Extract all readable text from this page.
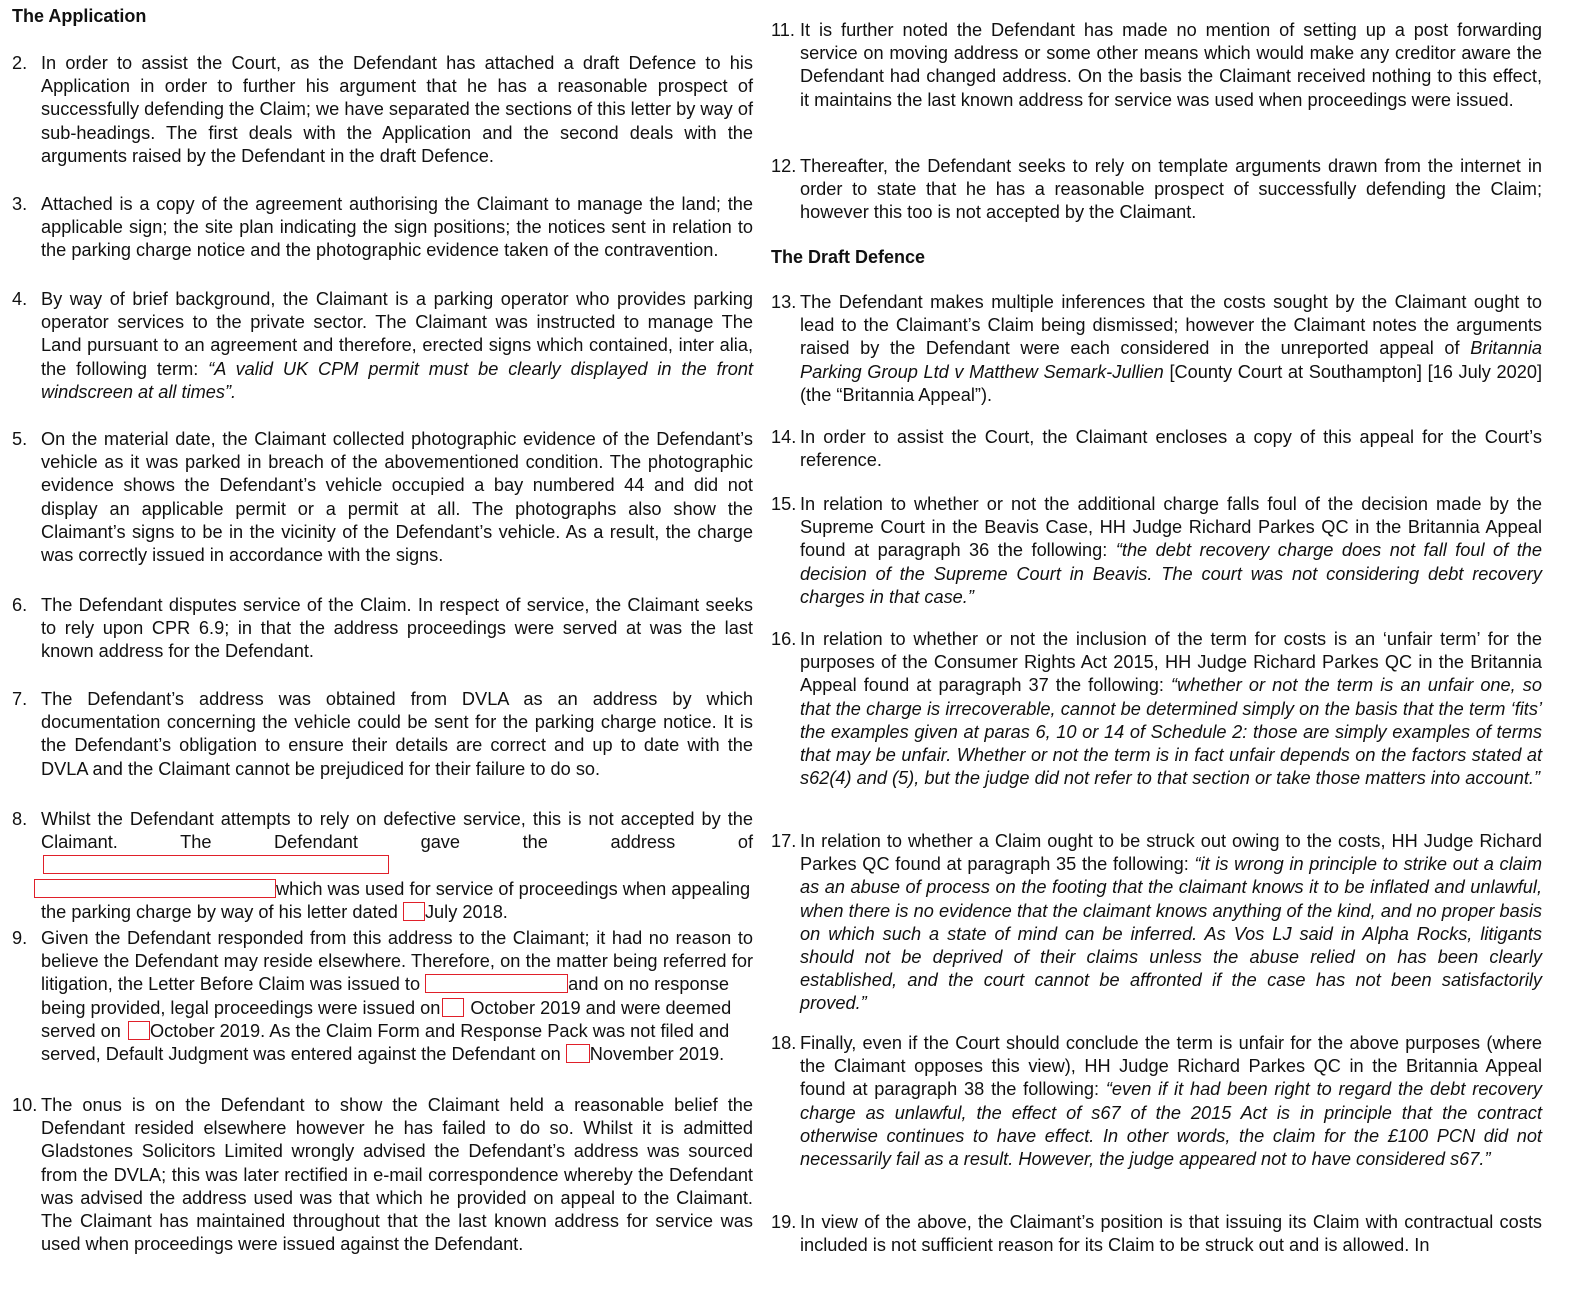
The Application
2. In order to assist the Court, as the Defendant has attached a draft Defence to his Application in order to further his argument that he has a reasonable prospect of successfully defending the Claim; we have separated the sections of this letter by way of sub-headings. The first deals with the Application and the second deals with the arguments raised by the Defendant in the draft Defence.
3. Attached is a copy of the agreement authorising the Claimant to manage the land; the applicable sign; the site plan indicating the sign positions; the notices sent in relation to the parking charge notice and the photographic evidence taken of the contravention.
4. By way of brief background, the Claimant is a parking operator who provides parking operator services to the private sector. The Claimant was instructed to manage The Land pursuant to an agreement and therefore, erected signs which contained, inter alia, the following term: “A valid UK CPM permit must be clearly displayed in the front windscreen at all times”.
5. On the material date, the Claimant collected photographic evidence of the Defendant’s vehicle as it was parked in breach of the abovementioned condition. The photographic evidence shows the Defendant’s vehicle occupied a bay numbered 44 and did not display an applicable permit or a permit at all. The photographs also show the Claimant’s signs to be in the vicinity of the Defendant’s vehicle. As a result, the charge was correctly issued in accordance with the signs.
6. The Defendant disputes service of the Claim. In respect of service, the Claimant seeks to rely upon CPR 6.9; in that the address proceedings were served at was the last known address for the Defendant.
7. The Defendant’s address was obtained from DVLA as an address by which documentation concerning the vehicle could be sent for the parking charge notice. It is the Defendant’s obligation to ensure their details are correct and up to date with the DVLA and the Claimant cannot be prejudiced for their failure to do so.
8. Whilst the Defendant attempts to rely on defective service, this is not accepted by the Claimant. The Defendant gave the address of
which was used for service of proceedings when appealing
the parking charge by way of his letter dated July 2018.
9. Given the Defendant responded from this address to the Claimant; it had no reason to believe the Defendant may reside elsewhere. Therefore, on the matter being referred for litigation, the Letter Before Claim was issued to	and on no response
being provided, legal proceedings were issued on October 2019 and were deemed
served on October 2019. As the Claim Form and Response Pack was not filed and
served, Default Judgment was entered against the Defendant on November 2019.
10. The onus is on the Defendant to show the Claimant held a reasonable belief the Defendant resided elsewhere however he has failed to do so. Whilst it is admitted Gladstones Solicitors Limited wrongly advised the Defendant’s address was sourced from the DVLA; this was later rectified in e-mail correspondence whereby the Defendant was advised the address used was that which he provided on appeal to the Claimant. The Claimant has maintained throughout that the last known address for service was used when proceedings were issued against the Defendant.
11. It is further noted the Defendant has made no mention of setting up a post forwarding service on moving address or some other means which would make any creditor aware the Defendant had changed address. On the basis the Claimant received nothing to this effect, it maintains the last known address for service was used when proceedings were issued.
12. Thereafter, the Defendant seeks to rely on template arguments drawn from the internet in order to state that he has a reasonable prospect of successfully defending the Claim; however this too is not accepted by the Claimant.
The Draft Defence
13. The Defendant makes multiple inferences that the costs sought by the Claimant ought to lead to the Claimant’s Claim being dismissed; however the Claimant notes the arguments raised by the Defendant were each considered in the unreported appeal of Britannia Parking Group Ltd v Matthew Semark-Jullien [County Court at Southampton] [16 July 2020] (the “Britannia Appeal”).
14. In order to assist the Court, the Claimant encloses a copy of this appeal for the Court’s reference.
15. In relation to whether or not the additional charge falls foul of the decision made by the Supreme Court in the Beavis Case, HH Judge Richard Parkes QC in the Britannia Appeal found at paragraph 36 the following: “the debt recovery charge does not fall foul of the decision of the Supreme Court in Beavis. The court was not considering debt recovery charges in that case.”
16. In relation to whether or not the inclusion of the term for costs is an ‘unfair term’ for the purposes of the Consumer Rights Act 2015, HH Judge Richard Parkes QC in the Britannia Appeal found at paragraph 37 the following: “whether or not the term is an unfair one, so that the charge is irrecoverable, cannot be determined simply on the basis that the term ‘fits’ the examples given at paras 6, 10 or 14 of Schedule 2: those are simply examples of terms that may be unfair. Whether or not the term is in fact unfair depends on the factors stated at s62(4) and (5), but the judge did not refer to that section or take those matters into account.”
17. In relation to whether a Claim ought to be struck out owing to the costs, HH Judge Richard Parkes QC found at paragraph 35 the following: “it is wrong in principle to strike out a claim as an abuse of process on the footing that the claimant knows it to be inflated and unlawful, when there is no evidence that the claimant knows anything of the kind, and no proper basis on which such a state of mind can be inferred. As Vos LJ said in Alpha Rocks, litigants should not be deprived of their claims unless the abuse relied on has been clearly established, and the court cannot be affronted if the case has not been satisfactorily proved.”
18. Finally, even if the Court should conclude the term is unfair for the above purposes (where the Claimant opposes this view), HH Judge Richard Parkes QC in the Britannia Appeal found at paragraph 38 the following: “even if it had been right to regard the debt recovery charge as unlawful, the effect of s67 of the 2015 Act is in principle that the contract otherwise continues to have effect. In other words, the claim for the £100 PCN did not necessarily fail as a result. However, the judge appeared not to have considered s67.”
19. In view of the above, the Claimant’s position is that issuing its Claim with contractual costs included is not sufficient reason for its Claim to be struck out and is allowed. In
